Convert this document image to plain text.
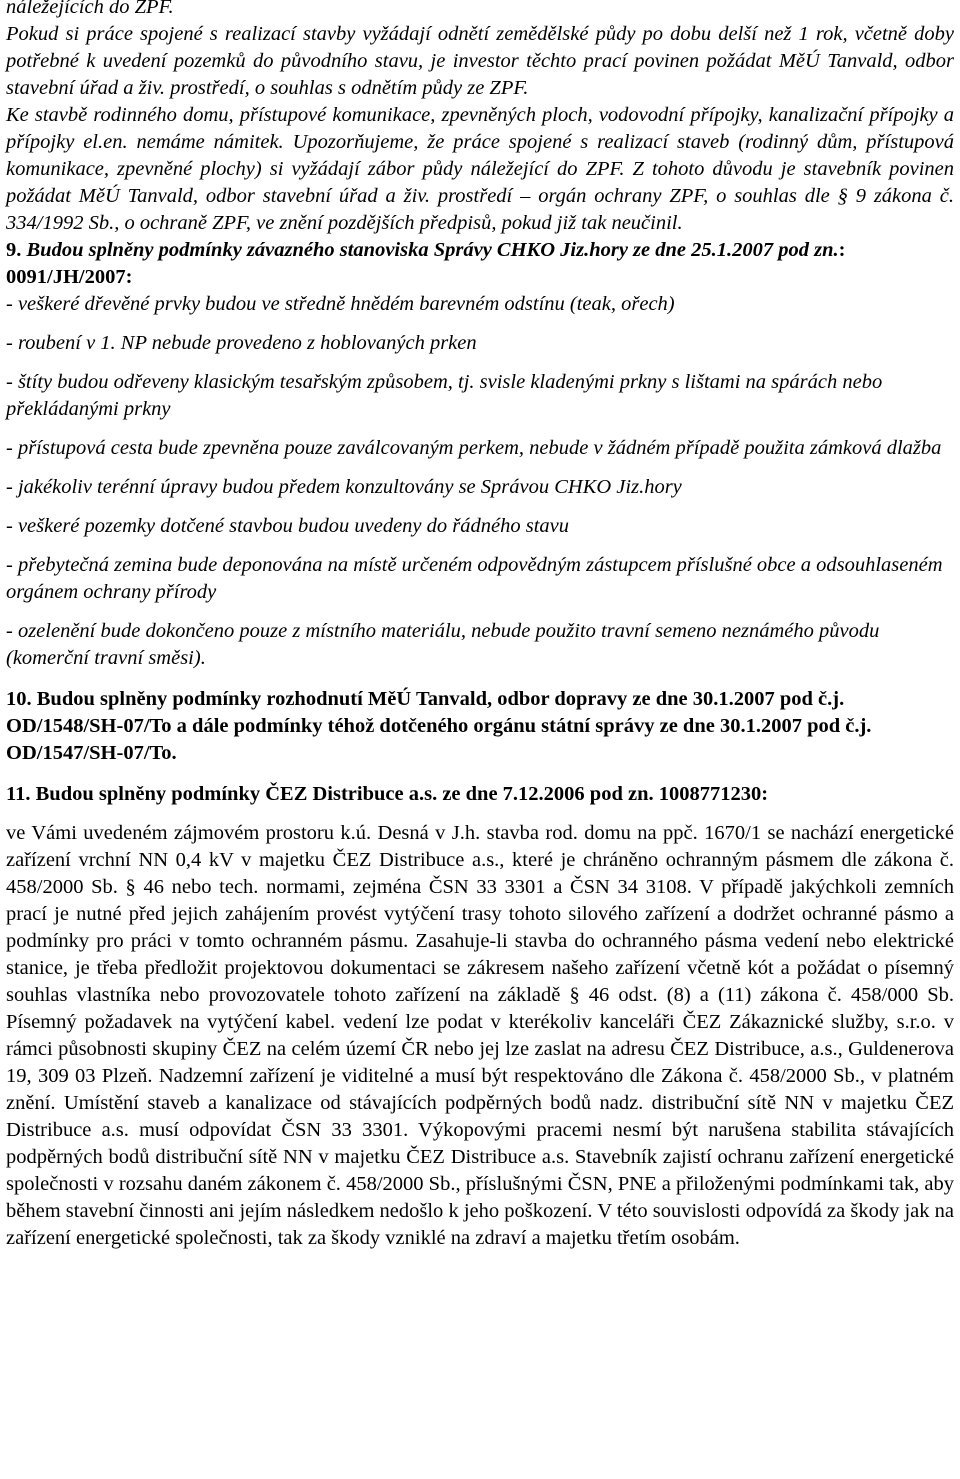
náležejících do ZPF.

Pokud si práce spojené s realizací stavby vyžádají odnětí zemědělské půdy po dobu delší než 1 rok, včetně doby potřebné k uvedení pozemků do původního stavu, je investor těchto prací povinen požádat MěÚ Tanvald, odbor stavební úřad a živ. prostředí, o souhlas s odnětím půdy ze ZPF.

Ke stavbě rodinného domu, přístupové komunikace, zpevněných ploch, vodovodní přípojky, kanalizační přípojky a přípojky el.en. nemáme námitek. Upozorňujeme, že práce spojené s realizací staveb (rodinný dům, přístupová komunikace, zpevněné plochy) si vyžádají zábor půdy náležející do ZPF. Z tohoto důvodu je stavebník povinen požádat MěÚ Tanvald, odbor stavební úřad a živ. prostředí – orgán ochrany ZPF, o souhlas dle § 9 zákona č. 334/1992 Sb., o ochraně ZPF, ve znění pozdějších předpisů, pokud již tak neučinil.

9. Budou splněny podmínky závazného stanoviska Správy CHKO Jiz.hory ze dne 25.1.2007 pod zn.: 0091/JH/2007:

- veškeré dřevěné prvky budou ve středně hnědém barevném odstínu (teak, ořech)

- roubení v 1. NP nebude provedeno z hoblovaných prken

- štíty budou odřeveny klasickým tesařským způsobem, tj. svisle kladenými prkny s lištami na spárách nebo překládanými prkny

- přístupová cesta bude zpevněna pouze zaválcovaným perkem, nebude v žádném případě použita zámková dlažba

- jakékoliv terénní úpravy budou předem konzultovány se Správou CHKO Jiz.hory

- veškeré pozemky dotčené stavbou budou uvedeny do řádného stavu

- přebytečná zemina bude deponována na místě určeném odpovědným zástupcem příslušné obce a odsouhlaseném orgánem ochrany přírody

- ozelenění bude dokončeno pouze z místního materiálu, nebude použito travní semeno neznámého původu (komerční travní směsi).

10. Budou splněny podmínky rozhodnutí MěÚ Tanvald, odbor dopravy ze dne 30.1.2007 pod č.j. OD/1548/SH-07/To a dále podmínky téhož dotčeného orgánu státní správy ze dne 30.1.2007 pod č.j. OD/1547/SH-07/To.

11. Budou splněny podmínky ČEZ Distribuce a.s. ze dne 7.12.2006 pod zn. 1008771230:

ve Vámi uvedeném zájmovém prostoru k.ú. Desná v J.h. stavba rod. domu na ppč. 1670/1 se nachází energetické zařízení vrchní NN 0,4 kV v majetku ČEZ Distribuce a.s., které je chráněno ochranným pásmem dle zákona č. 458/2000 Sb. § 46 nebo tech. normami, zejména ČSN 33 3301 a ČSN 34 3108. V případě jakýchkoli zemních prací je nutné před jejich zahájením provést vytýčení trasy tohoto silového zařízení a dodržet ochranné pásmo a podmínky pro práci v tomto ochranném pásmu. Zasahuje-li stavba do ochranného pásma vedení nebo elektrické stanice, je třeba předložit projektovou dokumentaci se zákresem našeho zařízení včetně kót a požádat o písemný souhlas vlastníka nebo provozovatele tohoto zařízení na základě § 46 odst. (8) a (11) zákona č. 458/000 Sb. Písemný požadavek na vytýčení kabel. vedení lze podat v kterékoliv kanceláři ČEZ Zákaznické služby, s.r.o. v rámci působnosti skupiny ČEZ na celém území ČR nebo jej lze zaslat na adresu ČEZ Distribuce, a.s., Guldenerova 19, 309 03 Plzeň. Nadzemní zařízení je viditelné a musí být respektováno dle Zákona č. 458/2000 Sb., v platném znění. Umístění staveb a kanalizace od stávajících podpěrných bodů nadz. distribuční sítě NN v majetku ČEZ Distribuce a.s. musí odpovídat ČSN 33 3301. Výkopovými pracemi nesmí být narušena stabilita stávajících podpěrných bodů distribuční sítě NN v majetku ČEZ Distribuce a.s. Stavebník zajistí ochranu zařízení energetické společnosti v rozsahu daném zákonem č. 458/2000 Sb., příslušnými ČSN, PNE a přiloženými podmínkami tak, aby během stavební činnosti ani jejím následkem nedošlo k jeho poškození. V této souvislosti odpovídá za škody jak na zařízení energetické společnosti, tak za škody vzniklé na zdraví a majetku třetím osobám.
